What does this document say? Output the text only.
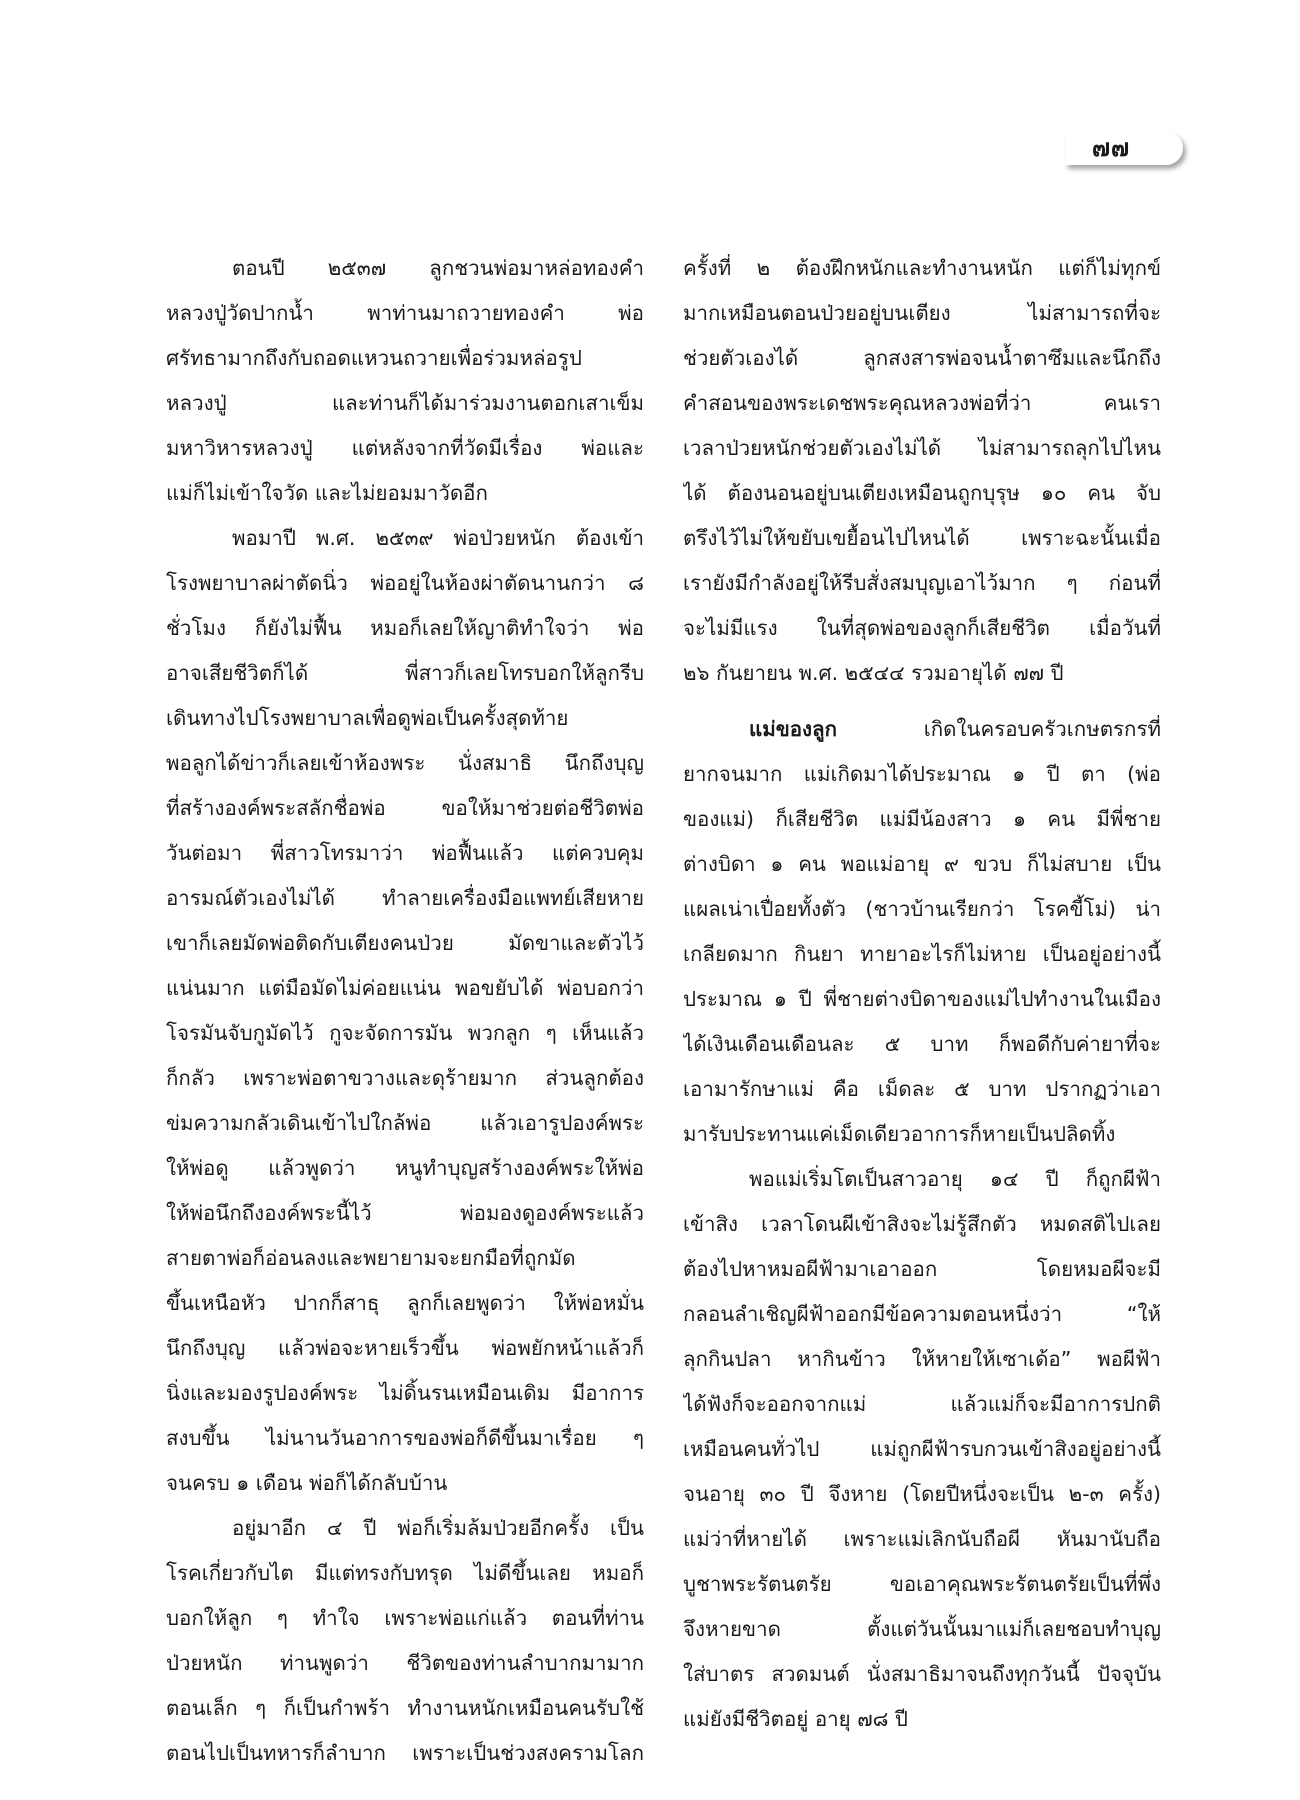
๗๗
ตอนปี ๒๕๓๗ ลูกชวนพ่อมาหล่อทองคำ
หลวงปู่วัดปากน้ำ พาท่านมาถวายทองคำ พ่อ
ศรัทธามากถึงกับถอดแหวนถวายเพื่อร่วมหล่อรูป
หลวงปู่ และท่านก็ได้มาร่วมงานตอกเสาเข็ม
มหาวิหารหลวงปู่ แต่หลังจากที่วัดมีเรื่อง พ่อและ
แม่ก็ไม่เข้าใจวัด และไม่ยอมมาวัดอีก
พอมาปี พ.ศ. ๒๕๓๙ พ่อป่วยหนัก ต้องเข้า
โรงพยาบาลผ่าตัดนิ่ว พ่ออยู่ในห้องผ่าตัดนานกว่า ๘
ชั่วโมง ก็ยังไม่ฟื้น หมอก็เลยให้ญาติทำใจว่า พ่อ
อาจเสียชีวิตก็ได้ พี่สาวก็เลยโทรบอกให้ลูกรีบ
เดินทางไปโรงพยาบาลเพื่อดูพ่อเป็นครั้งสุดท้าย
พอลูกได้ข่าวก็เลยเข้าห้องพระ นั่งสมาธิ นึกถึงบุญ
ที่สร้างองค์พระสลักชื่อพ่อ ขอให้มาช่วยต่อชีวิตพ่อ
วันต่อมา พี่สาวโทรมาว่า พ่อฟื้นแล้ว แต่ควบคุม
อารมณ์ตัวเองไม่ได้ ทำลายเครื่องมือแพทย์เสียหาย
เขาก็เลยมัดพ่อติดกับเตียงคนป่วย มัดขาและตัวไว้
แน่นมาก แต่มือมัดไม่ค่อยแน่น พอขยับได้ พ่อบอกว่า
โจรมันจับกูมัดไว้ กูจะจัดการมัน พวกลูก ๆ เห็นแล้ว
ก็กลัว เพราะพ่อตาขวางและดุร้ายมาก ส่วนลูกต้อง
ข่มความกลัวเดินเข้าไปใกล้พ่อ แล้วเอารูปองค์พระ
ให้พ่อดู แล้วพูดว่า หนูทำบุญสร้างองค์พระให้พ่อ
ให้พ่อนึกถึงองค์พระนี้ไว้ พ่อมองดูองค์พระแล้ว
สายตาพ่อก็อ่อนลงและพยายามจะยกมือที่ถูกมัด
ขึ้นเหนือหัว ปากก็สาธุ ลูกก็เลยพูดว่า ให้พ่อหมั่น
นึกถึงบุญ แล้วพ่อจะหายเร็วขึ้น พ่อพยักหน้าแล้วก็
นิ่งและมองรูปองค์พระ ไม่ดิ้นรนเหมือนเดิม มีอาการ
สงบขึ้น ไม่นานวันอาการของพ่อก็ดีขึ้นมาเรื่อย ๆ
จนครบ ๑ เดือน พ่อก็ได้กลับบ้าน
อยู่มาอีก ๔ ปี พ่อก็เริ่มล้มป่วยอีกครั้ง เป็น
โรคเกี่ยวกับไต มีแต่ทรงกับทรุด ไม่ดีขึ้นเลย หมอก็
บอกให้ลูก ๆ ทำใจ เพราะพ่อแก่แล้ว ตอนที่ท่าน
ป่วยหนัก ท่านพูดว่า ชีวิตของท่านลำบากมามาก
ตอนเล็ก ๆ ก็เป็นกำพร้า ทำงานหนักเหมือนคนรับใช้
ตอนไปเป็นทหารก็ลำบาก เพราะเป็นช่วงสงครามโลก
ครั้งที่ ๒ ต้องฝึกหนักและทำงานหนัก แต่ก็ไม่ทุกข์
มากเหมือนตอนป่วยอยู่บนเตียง ไม่สามารถที่จะ
ช่วยตัวเองได้ ลูกสงสารพ่อจนน้ำตาซึมและนึกถึง
คำสอนของพระเดชพระคุณหลวงพ่อที่ว่า คนเรา
เวลาป่วยหนักช่วยตัวเองไม่ได้ ไม่สามารถลุกไปไหน
ได้ ต้องนอนอยู่บนเตียงเหมือนถูกบุรุษ ๑๐ คน จับ
ตรึงไว้ไม่ให้ขยับเขยื้อนไปไหนได้ เพราะฉะนั้นเมื่อ
เรายังมีกำลังอยู่ให้รีบสั่งสมบุญเอาไว้มาก ๆ ก่อนที่
จะไม่มีแรง ในที่สุดพ่อของลูกก็เสียชีวิต เมื่อวันที่
๒๖ กันยายน พ.ศ. ๒๕๔๔ รวมอายุได้ ๗๗ ปี
แม่ของลูก	เกิดในครอบครัวเกษตรกรที่
ยากจนมาก แม่เกิดมาได้ประมาณ ๑ ปี ตา (พ่อ
ของแม่) ก็เสียชีวิต แม่มีน้องสาว ๑ คน มีพี่ชาย
ต่างบิดา ๑ คน พอแม่อายุ ๙ ขวบ ก็ไม่สบาย เป็น
แผลเน่าเปื่อยทั้งตัว (ชาวบ้านเรียกว่า โรคขี้โม่) น่า
เกลียดมาก กินยา ทายาอะไรก็ไม่หาย เป็นอยู่อย่างนี้
ประมาณ ๑ ปี พี่ชายต่างบิดาของแม่ไปทำงานในเมือง
ได้เงินเดือนเดือนละ ๕ บาท ก็พอดีกับค่ายาที่จะ
เอามารักษาแม่ คือ เม็ดละ ๕ บาท ปรากฏว่าเอา
มารับประทานแค่เม็ดเดียวอาการก็หายเป็นปลิดทิ้ง
พอแม่เริ่มโตเป็นสาวอายุ ๑๔ ปี ก็ถูกผีฟ้า
เข้าสิง เวลาโดนผีเข้าสิงจะไม่รู้สึกตัว หมดสติไปเลย
ต้องไปหาหมอผีฟ้ามาเอาออก โดยหมอผีจะมี
กลอนลำเชิญผีฟ้าออกมีข้อความตอนหนึ่งว่า “ให้
ลุกกินปลา หากินข้าว ให้หายให้เซาเด้อ” พอผีฟ้า
ได้ฟังก็จะออกจากแม่ แล้วแม่ก็จะมีอาการปกติ
เหมือนคนทั่วไป แม่ถูกผีฟ้ารบกวนเข้าสิงอยู่อย่างนี้
จนอายุ ๓๐ ปี จึงหาย (โดยปีหนึ่งจะเป็น ๒-๓ ครั้ง)
แม่ว่าที่หายได้ เพราะแม่เลิกนับถือผี หันมานับถือ
บูชาพระรัตนตรัย ขอเอาคุณพระรัตนตรัยเป็นที่พึ่ง
จึงหายขาด ตั้งแต่วันนั้นมาแม่ก็เลยชอบทำบุญ
ใส่บาตร สวดมนต์ นั่งสมาธิมาจนถึงทุกวันนี้ ปัจจุบัน
แม่ยังมีชีวิตอยู่ อายุ ๗๘ ปี
